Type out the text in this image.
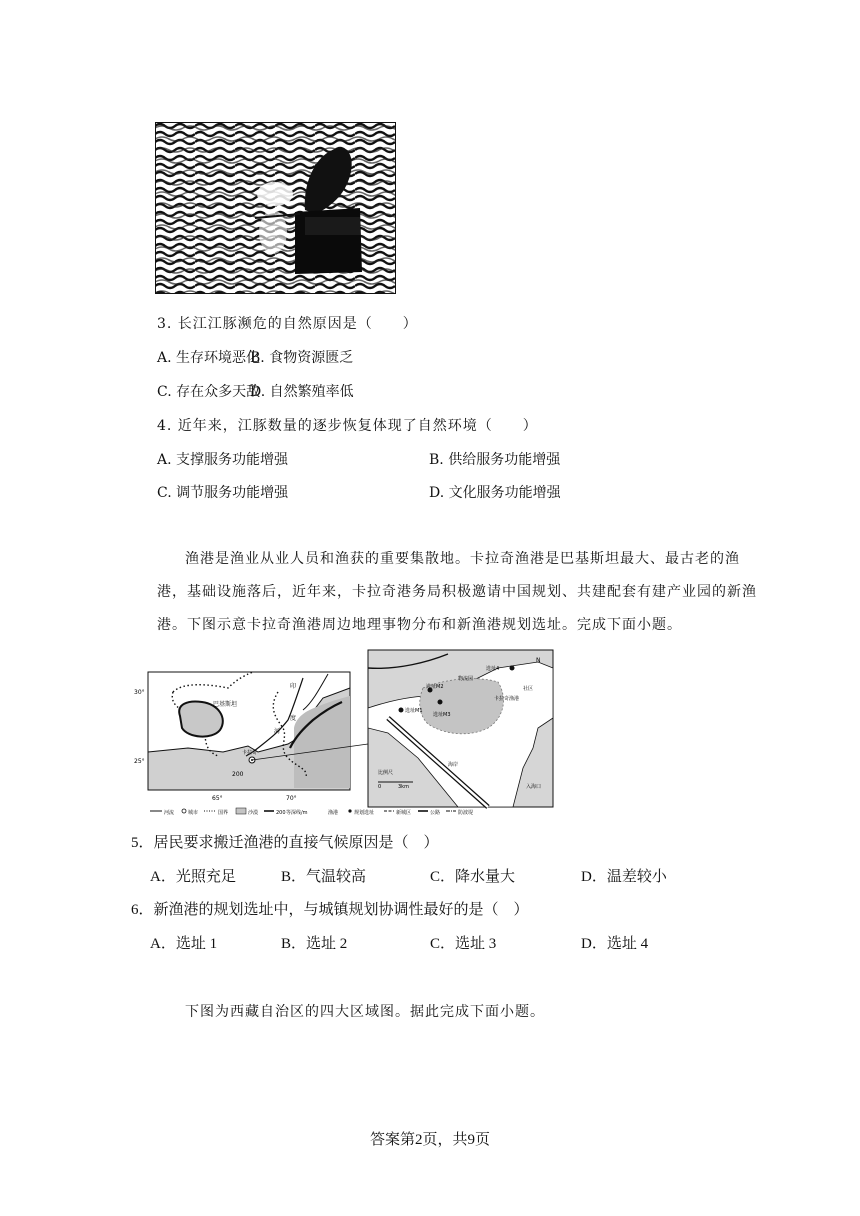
3. 长江江豚濒危的自然原因是（　　）
A. 生存环境恶化
B. 食物资源匮乏
C. 存在众多天敌
D. 自然繁殖率低
4. 近年来，江豚数量的逐步恢复体现了自然环境（　　）
A. 支撑服务功能增强	B. 供给服务功能增强
C. 调节服务功能增强	D. 文化服务功能增强
渔港是渔业从业人员和渔获的重要集散地。卡拉奇渔港是巴基斯坦最大、最古老的渔
港，基础设施落后，近年来，卡拉奇港务局积极邀请中国规划、共建配套有建产业园的新渔
港。下图示意卡拉奇渔港周边地理事物分布和新渔港规划选址。完成下面小题。
30°
25°
65°	70°
巴基斯坦
卡拉奇
印
度
河
200
选址4
物流园
选址M2
选址M3
选址M1
卡拉奇渔港
社区
N
比例尺
0	3km	入海口
海岸
河流	城市	国界	沙漠	200 等深线/m	渔港	规划选址	新城区	公路	防波堤
5．居民要求搬迁渔港的直接气候原因是（　）
A．光照充足	B．气温较高	C．降水量大	D．温差较小
6．新渔港的规划选址中，与城镇规划协调性最好的是（　）
A．选址 1	B．选址 2	C．选址 3	D．选址 4
下图为西藏自治区的四大区域图。据此完成下面小题。
答案第2页，共9页
